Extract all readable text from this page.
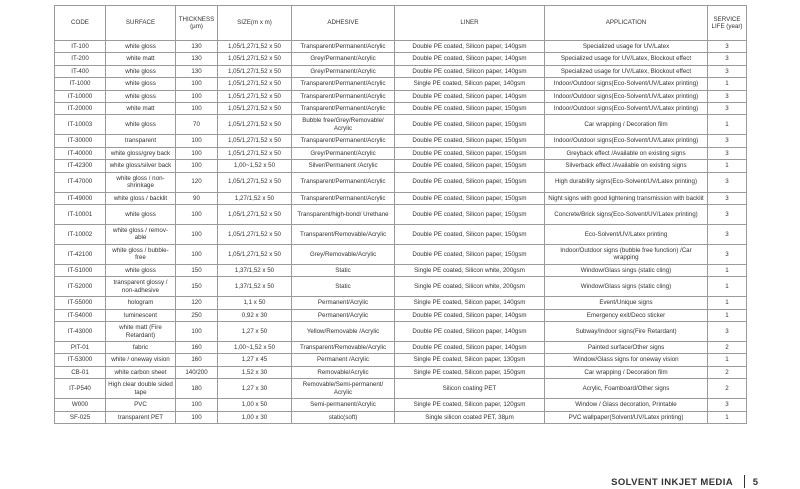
CODE	SURFACE	THICKNESS (µm)	SIZE(m x m)	ADHESIVE	LINER	APPLICATION	SERVICE LIFE (year)
IT-100	white gloss	130	1,05/1,27/1,52 x 50	Transparent/Permanent/Acrylic	Double PE coated, Silicon paper, 140gsm	Specialized usage for UV/Latex	3
IT-200	white matt	130	1,05/1,27/1,52 x 50	Grey/Permanent/Acrylic	Double PE coated, Silicon paper, 140gsm	Specialized usage for UV/Latex, Blockout effect	3
IT-400	white gloss	130	1,05/1,27/1,52 x 50	Grey/Permanent/Acrylic	Double PE coated, Silicon paper, 140gsm	Specialized usage for UV/Latex, Blockout effect	3
IT-1000	white gloss	100	1,05/1,27/1,52 x 50	Transparent/Permanent/Acrylic	Single PE coated, Silicon paper, 140gsm	Indoor/Outdoor signs(Eco-Solvent/UV/Latex printing)	1
IT-10000	white gloss	100	1,05/1,27/1,52 x 50	Transparent/Permanent/Acrylic	Double PE coated, Silicon paper, 140gsm	Indoor/Outdoor signs(Eco-Solvent/UV/Latex printing)	3
IT-20000	white matt	100	1,05/1,27/1,52 x 50	Transparent/Permanent/Acrylic	Double PE coated, Silicon paper, 150gsm	Indoor/Outdoor signs(Eco-Solvent/UV/Latex printing)	3
IT-10003	white gloss	70	1,05/1,27/1,52 x 50	Bubble free/Grey/Removable/ Acrylic	Double PE coated, Silicon paper, 150gsm	Car wrapping / Decoration film	1
IT-30000	transparent	100	1,05/1,27/1,52 x 50	Transparent/Permanent/Acrylic	Double PE coated, Silicon paper, 150gsm	Indoor/Outdoor signs(Eco-Solvent/UV/Latex printing)	3
IT-40000	white gloss/grey back	100	1,05/1,27/1,52 x 50	Grey/Permanent/Acrylic	Double PE coated, Silicon paper, 150gsm	Greyback effect /Available on existing signs	3
IT-42300	white gloss/silver back	100	1,00~1,52 x 50	Silver/Permanent /Acrylic	Double PE coated, Silicon paper, 150gsm	Silverback effect /Available on existing signs	1
IT-47000	white gloss / non-shrinkage	120	1,05/1,27/1,52 x 50	Transparent/Permanent/Acrylic	Double PE coated, Silicon paper, 150gsm	High durability signs(Eco-Solvent/UV/Latex printing)	3
IT-49000	white gloss / backlit	90	1,27/1,52 x 50	Transparent/Permanent/Acrylic	Double PE coated, Silicon paper, 150gsm	Night signs with good lightening transmission with backlit	3
IT-10001	white gloss	100	1,05/1,27/1,52 x 50	Transparent/high-bond/ Urethane	Double PE coated, Silicon paper, 150gsm	Concrete/Brick signs(Eco-Solvent/UV/Latex printing)	3
IT-10002	white gloss / remov-able	100	1,05/1,27/1,52 x 50	Transparent/Removable/Acrylic	Double PE coated, Silicon paper, 150gsm	Eco-Solvent/UV/Latex printing	3
IT-42100	white gloss / bubble-free	100	1,05/1,27/1,52 x 50	Grey/Removable/Acrylic	Double PE coated, Silicon paper, 150gsm	Indoor/Outdoor signs (bubble free function) /Car wrapping	3
IT-51000	white gloss	150	1,37/1,52 x 50	Static	Single PE coated, Silicon white, 200gsm	Window/Glass sings (static cling)	1
IT-52000	transparent glossy / non-adhesive	150	1,37/1,52 x 50	Static	Single PE coated, Silicon white, 200gsm	Window/Glass signs (static cling)	1
IT-55000	hologram	120	1,1 x 50	Permanent/Acrylic	Single PE coated, Silicon paper, 140gsm	Event/Unique signs	1
IT-54000	luminescent	250	0,92 x 30	Permanent/Acrylic	Double PE coated, Silicon paper, 140gsm	Emergency exit/Deco sticker	1
IT-43000	white matt (Fire Retardant)	100	1,27 x 50	Yellow/Removable /Acrylic	Double PE coated, Silicon paper, 140gsm	Subway/Indoor signs(Fire Retardant)	3
PIT-01	fabric	160	1,00~1,52 x 50	Transparent/Removable/Acrylic	Double PE coated, Silicon paper, 140gsm	Painted surface/Other signs	2
IT-53000	white / oneway vision	160	1,27 x 45	Permanent /Acrylic	Single PE coated, Silicon paper, 130gsm	Window/Glass signs for oneway vision	1
CB-01	white carbon sheet	140/200	1,52 x 30	Removable/Acrylic	Single PE coated, Silicon paper, 150gsm	Car wrapping / Decoration film	2
IT-P540	High clear double sided tape	180	1,27 x 30	Removable/Semi-permanent/ Acrylic	Silicon coating PET	Acrylic, Foamboard/Other signs	2
W000	PVC	100	1,00 x 50	Semi-permanent/Acrylic	Single PE coated, Silicon paper, 120gsm	Window / Glass decoration, Printable	3
SF-025	transparent PET	100	1,00 x 30	static(soft)	Single silicon coated PET, 38µm	PVC wallpaper(Solvent/UV/Latex printing)	1
SOLVENT INKJET MEDIA 5
